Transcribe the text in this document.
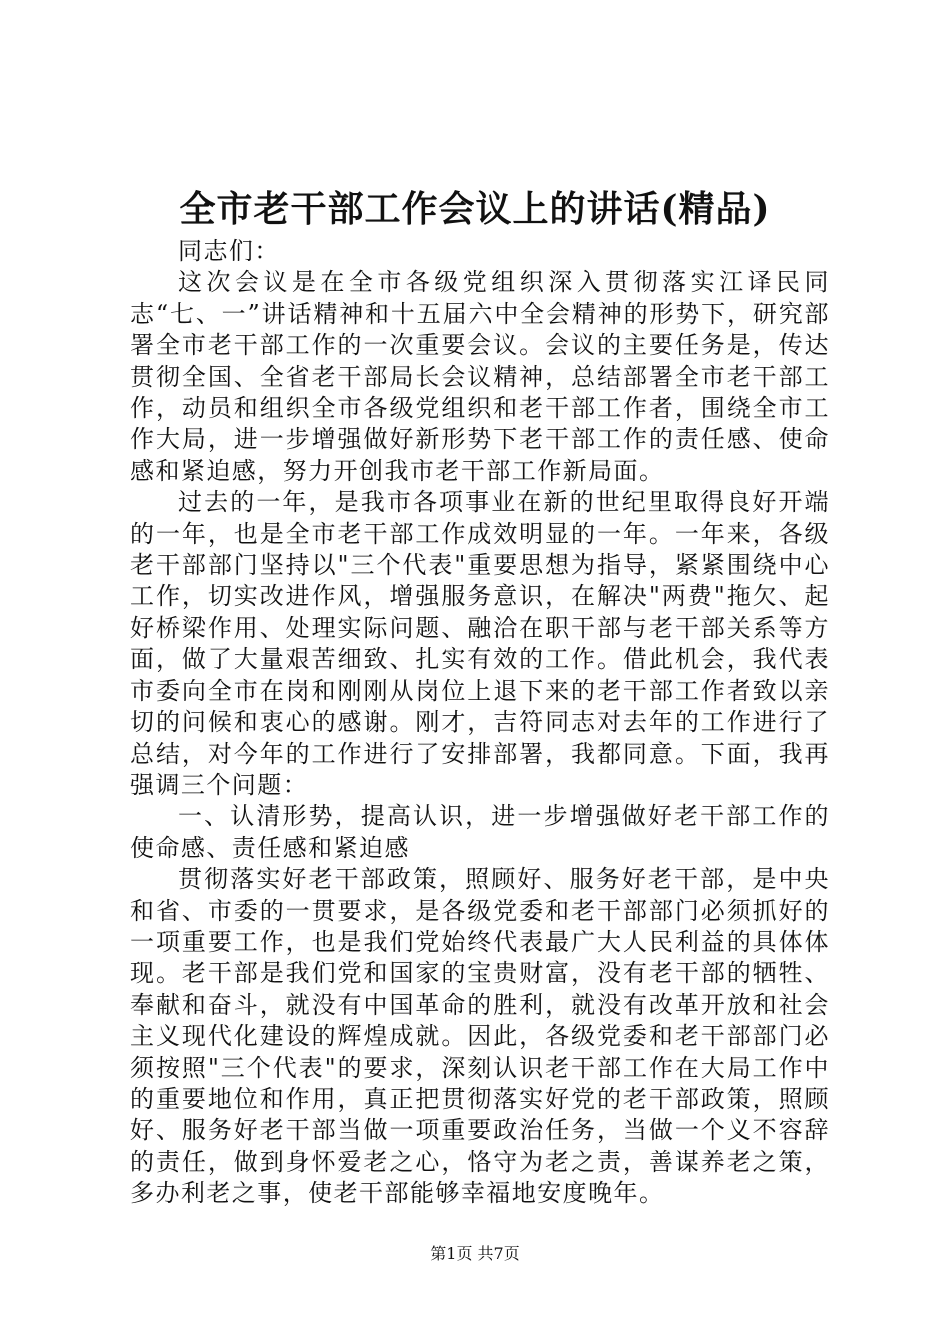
全市老干部工作会议上的讲话(精品)

同志们：

这次会议是在全市各级党组织深入贯彻落实江译民同志“七、一”讲话精神和十五届六中全会精神的形势下，研究部署全市老干部工作的一次重要会议。会议的主要任务是，传达贯彻全国、全省老干部局长会议精神，总结部署全市老干部工作，动员和组织全市各级党组织和老干部工作者，围绕全市工作大局，进一步增强做好新形势下老干部工作的责任感、使命感和紧迫感，努力开创我市老干部工作新局面。

过去的一年，是我市各项事业在新的世纪里取得良好开端的一年，也是全市老干部工作成效明显的一年。一年来，各级老干部部门坚持以"三个代表"重要思想为指导，紧紧围绕中心工作，切实改进作风，增强服务意识，在解决"两费"拖欠、起好桥梁作用、处理实际问题、融洽在职干部与老干部关系等方面，做了大量艰苦细致、扎实有效的工作。借此机会，我代表市委向全市在岗和刚刚从岗位上退下来的老干部工作者致以亲切的问候和衷心的感谢。刚才，吉符同志对去年的工作进行了总结，对今年的工作进行了安排部署，我都同意。下面，我再强调三个问题：

一、认清形势，提高认识，进一步增强做好老干部工作的使命感、责任感和紧迫感

贯彻落实好老干部政策，照顾好、服务好老干部，是中央和省、市委的一贯要求，是各级党委和老干部部门必须抓好的一项重要工作，也是我们党始终代表最广大人民利益的具体体现。老干部是我们党和国家的宝贵财富，没有老干部的牺牲、奉献和奋斗，就没有中国革命的胜利，就没有改革开放和社会主义现代化建设的辉煌成就。因此，各级党委和老干部部门必须按照"三个代表"的要求，深刻认识老干部工作在大局工作中的重要地位和作用，真正把贯彻落实好党的老干部政策，照顾好、服务好老干部当做一项重要政治任务，当做一个义不容辞的责任，做到身怀爱老之心，恪守为老之责，善谋养老之策，多办利老之事，使老干部能够幸福地安度晚年。

第1页 共7页
